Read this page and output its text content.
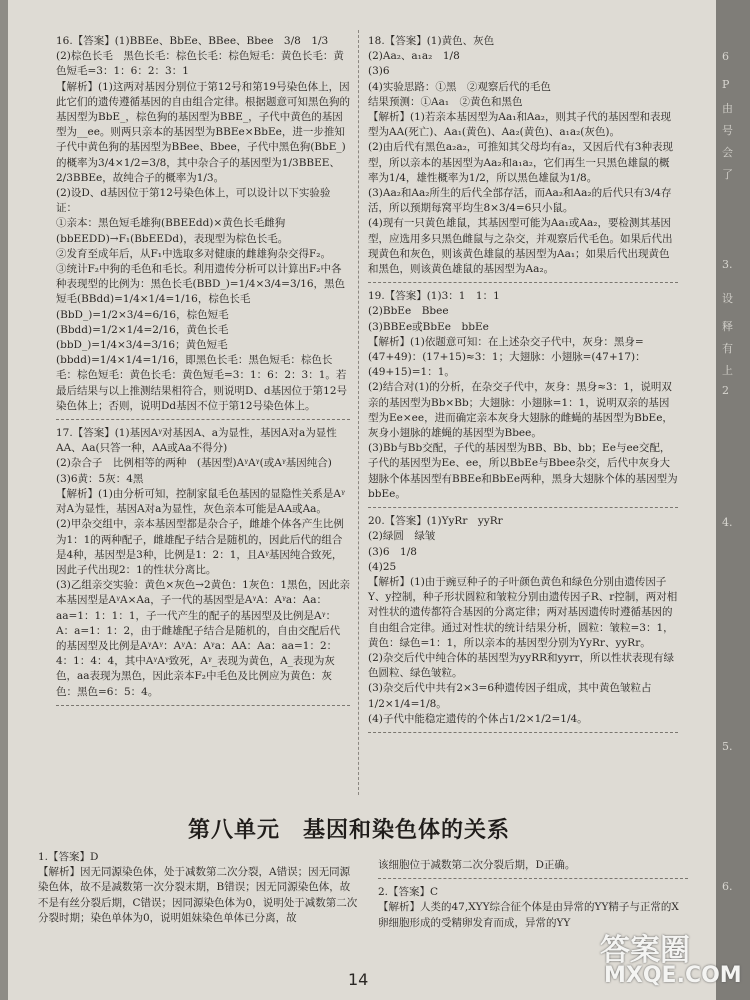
16.【答案】(1)BBEe、BbEe、BBee、Bbee　3/8　1/3

(2)棕色长毛　黑色长毛：棕色长毛：棕色短毛：黄色长毛：黄色短毛=3：1：6：2：3：1

【解析】(1)这两对基因分别位于第12号和第19号染色体上，因此它们的遗传遵循基因的自由组合定律。根据题意可知黑色狗的基因型为BbE_，棕色狗的基因型为BBE_，子代中黄色的基因型为__ee。则两只亲本的基因型为BBEe×BbEe，进一步推知子代中黄色狗的基因型为BBee、Bbee，子代中黑色狗(BbE_)的概率为3/4×1/2=3/8，其中杂合子的基因型为1/3BBEE、2/3BBEe，故纯合子的概率为1/3。

(2)设D、d基因位于第12号染色体上，可以设计以下实验验证：

①亲本：黑色短毛雄狗(BBEEdd)×黄色长毛雌狗(bbEEDD)→F₁(BbEEDd)，表现型为棕色长毛。

②发育至成年后，从F₁中选取多对健康的雌雄狗杂交得F₂。

③统计F₂中狗的毛色和毛长。利用遗传分析可以计算出F₂中各种表现型的比例为：黑色长毛(BBD_)=1/4×3/4=3/16，黑色短毛(BBdd)=1/4×1/4=1/16，棕色长毛(BbD_)=1/2×3/4=6/16，棕色短毛(Bbdd)=1/2×1/4=2/16，黄色长毛(bbD_)=1/4×3/4=3/16；黄色短毛(bbdd)=1/4×1/4=1/16，即黑色长毛：黑色短毛：棕色长毛：棕色短毛：黄色长毛：黄色短毛=3：1：6：2：3：1。若最后结果与以上推测结果相符合，则说明D、d基因位于第12号染色体上；否则，说明Dd基因不位于第12号染色体上。

17.【答案】(1)基因Aᵞ对基因A、a为显性，基因A对a为显性　AA、Aa(只答一种，AA或Aa不得分)

(2)杂合子　比例相等的两种　(基因型)AᵞAᵞ(或Aᵞ基因纯合)

(3)6黄：5灰：4黑

【解析】(1)由分析可知，控制家鼠毛色基因的显隐性关系是Aᵞ对A为显性，基因A对a为显性，灰色亲本可能是AA或Aa。

(2)甲杂交组中，亲本基因型都是杂合子，雌雄个体各产生比例为1：1的两种配子，雌雄配子结合是随机的，因此后代的组合是4种，基因型是3种，比例是1：2：1，且Aᵞ基因纯合致死，因此子代出现2：1的性状分离比。

(3)乙组亲交实验：黄色×灰色→2黄色：1灰色：1黑色，因此亲本基因型是AᵞA×Aa，子一代的基因型是AᵞA：Aᵞa：Aa：aa=1：1：1：1，子一代产生的配子的基因型及比例是Aᵞ：A：a=1：1：2，由于雌雄配子结合是随机的，自由交配后代的基因型及比例是AᵞAᵞ：AᵞA：Aᵞa：AA：Aa：aa=1：2：4：1：4：4，其中AᵞAᵞ致死，Aᵞ_表现为黄色，A_表现为灰色，aa表现为黑色，因此亲本F₂中毛色及比例应为黄色：灰色：黑色=6：5：4。

18.【答案】(1)黄色、灰色

(2)Aa₂、a₁a₂　1/8

(3)6

(4)实验思路：①黑　②观察后代的毛色

结果预测：①Aa₁　②黄色和黑色

【解析】(1)若亲本基因型为Aa₁和Aa₂，则其子代的基因型和表现型为AA(死亡)、Aa₁(黄色)、Aa₂(黄色)、a₁a₂(灰色)。

(2)由后代有黑色a₂a₂，可推知其父母均有a₂，又因后代有3种表现型，所以亲本的基因型为Aa₂和a₁a₂，它们再生一只黑色雄鼠的概率为1/4，雄性概率为1/2，所以黑色雄鼠为1/8。

(3)Aa₂和Aa₂所生的后代全部存活，而Aa₂和Aa₂的后代只有3/4存活，所以预期每窝平均生8×3/4=6只小鼠。

(4)现有一只黄色雄鼠，其基因型可能为Aa₁或Aa₂，要检测其基因型，应选用多只黑色雌鼠与之杂交，并观察后代毛色。如果后代出现黄色和灰色，则该黄色雄鼠的基因型为Aa₁；如果后代出现黄色和黑色，则该黄色雄鼠的基因型为Aa₂。

19.【答案】(1)3：1　1：1

(2)BbEe　Bbee

(3)BBEe或BbEe　bbEe

【解析】(1)依题意可知：在上述杂交子代中，灰身：黑身=(47+49)：(17+15)≈3：1；大翅脉：小翅脉=(47+17)：(49+15)=1：1。

(2)结合对(1)的分析，在杂交子代中，灰身：黑身≈3：1，说明双亲的基因型为Bb×Bb；大翅脉：小翅脉=1：1，说明双亲的基因型为Ee×ee，进而确定亲本灰身大翅脉的雌蝇的基因型为BbEe，灰身小翅脉的雄蝇的基因型为Bbee。

(3)Bb与Bb交配，子代的基因型为BB、Bb、bb；Ee与ee交配，子代的基因型为Ee、ee，所以BbEe与Bbee杂交，后代中灰身大翅脉个体基因型有BBEe和BbEe两种，黑身大翅脉个体的基因型为bbEe。

20.【答案】(1)YyRr　yyRr

(2)绿圆　绿皱

(3)6　1/8

(4)25

【解析】(1)由于豌豆种子的子叶颜色黄色和绿色分别由遗传因子Y、y控制，种子形状圆粒和皱粒分别由遗传因子R、r控制，两对相对性状的遗传都符合基因的分离定律；两对基因遗传时遵循基因的自由组合定律。通过对性状的统计结果分析，圆粒：皱粒=3：1，黄色：绿色=1：1，所以亲本的基因型分别为YyRr、yyRr。

(2)杂交后代中纯合体的基因型为yyRR和yyrr，所以性状表现有绿色圆粒、绿色皱粒。

(3)杂交后代中共有2×3=6种遗传因子组成，其中黄色皱粒占1/2×1/4=1/8。

(4)子代中能稳定遗传的个体占1/2×1/2=1/4。

第八单元　基因和染色体的关系

1.【答案】D

【解析】因无同源染色体，处于减数第二次分裂，A错误；因无同源染色体，故不是减数第一次分裂末期，B错误；因无同源染色体，故不是有丝分裂后期，C错误；因同源染色体为0，说明处于减数第二次分裂时期；染色单体为0，说明姐妹染色单体已分离，故

该细胞位于减数第二次分裂后期，D正确。

2.【答案】C

【解析】人类的47,XYY综合征个体是由异常的YY精子与正常的X卵细胞形成的受精卵发育而成，异常的YY

14
6
P
由
号
会
了
3.
设
释
有
上
2
4.
5.
6.
答案圈
MXQE.COM
